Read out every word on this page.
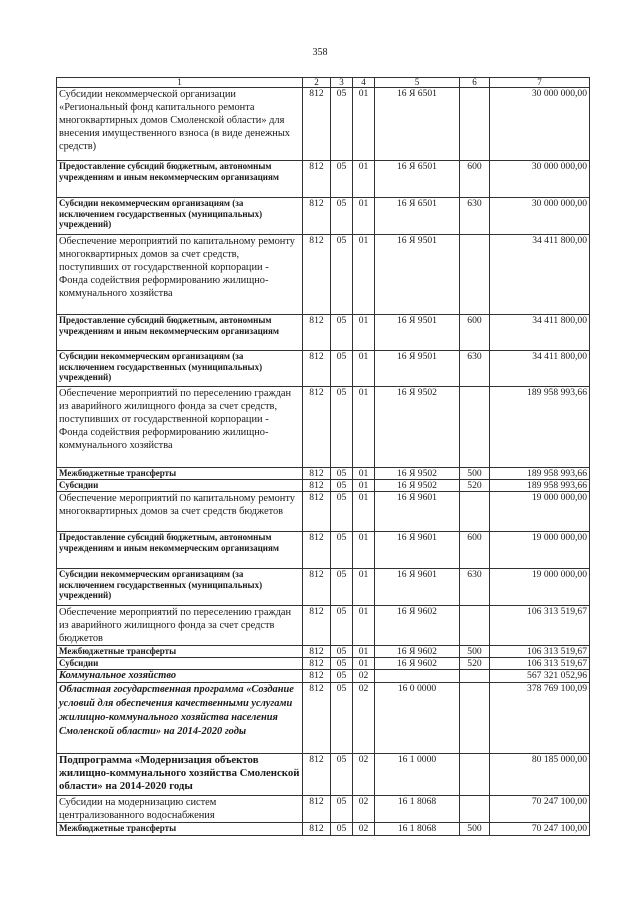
358
1	2	3	4	5	6	7
Субсидии некоммерческой организации «Региональный фонд капитального ремонта многоквартирных домов Смоленской области» для внесения имущественного взноса (в виде денежных средств)	812	05	01	16 Я 6501		30 000 000,00
Предоставление субсидий бюджетным, автономным учреждениям и иным некоммерческим организациям	812	05	01	16 Я 6501	600	30 000 000,00
Субсидии некоммерческим организациям (за исключением государственных (муниципальных) учреждений)	812	05	01	16 Я 6501	630	30 000 000,00
Обеспечение мероприятий по капитальному ремонту многоквартирных домов за счет средств, поступивших от государственной корпорации - Фонда содействия реформированию жилищно-коммунального хозяйства	812	05	01	16 Я 9501		34 411 800,00
Предоставление субсидий бюджетным, автономным учреждениям и иным некоммерческим организациям	812	05	01	16 Я 9501	600	34 411 800,00
Субсидии некоммерческим организациям (за исключением государственных (муниципальных) учреждений)	812	05	01	16 Я 9501	630	34 411 800,00
Обеспечение мероприятий по переселению граждан из аварийного жилищного фонда за счет средств, поступивших от государственной корпорации - Фонда содействия реформированию жилищно-коммунального хозяйства	812	05	01	16 Я 9502		189 958 993,66
Межбюджетные трансферты	812	05	01	16 Я 9502	500	189 958 993,66
Субсидии	812	05	01	16 Я 9502	520	189 958 993,66
Обеспечение мероприятий по капитальному ремонту многоквартирных домов за счет средств бюджетов	812	05	01	16 Я 9601		19 000 000,00
Предоставление субсидий бюджетным, автономным учреждениям и иным некоммерческим организациям	812	05	01	16 Я 9601	600	19 000 000,00
Субсидии некоммерческим организациям (за исключением государственных (муниципальных) учреждений)	812	05	01	16 Я 9601	630	19 000 000,00
Обеспечение мероприятий по переселению граждан из аварийного жилищного фонда за счет средств бюджетов	812	05	01	16 Я 9602		106 313 519,67
Межбюджетные трансферты	812	05	01	16 Я 9602	500	106 313 519,67
Субсидии	812	05	01	16 Я 9602	520	106 313 519,67
Коммунальное хозяйство	812	05	02			567 321 052,96
Областная государственная программа «Создание условий для обеспечения качественными услугами жилищно-коммунального хозяйства населения Смоленской области» на 2014-2020 годы	812	05	02	16 0 0000		378 769 100,09
Подпрограмма «Модернизация объектов жилищно-коммунального хозяйства Смоленской области» на 2014-2020 годы	812	05	02	16 1 0000		80 185 000,00
Субсидии на модернизацию систем централизованного водоснабжения	812	05	02	16 1 8068		70 247 100,00
Межбюджетные трансферты	812	05	02	16 1 8068	500	70 247 100,00
